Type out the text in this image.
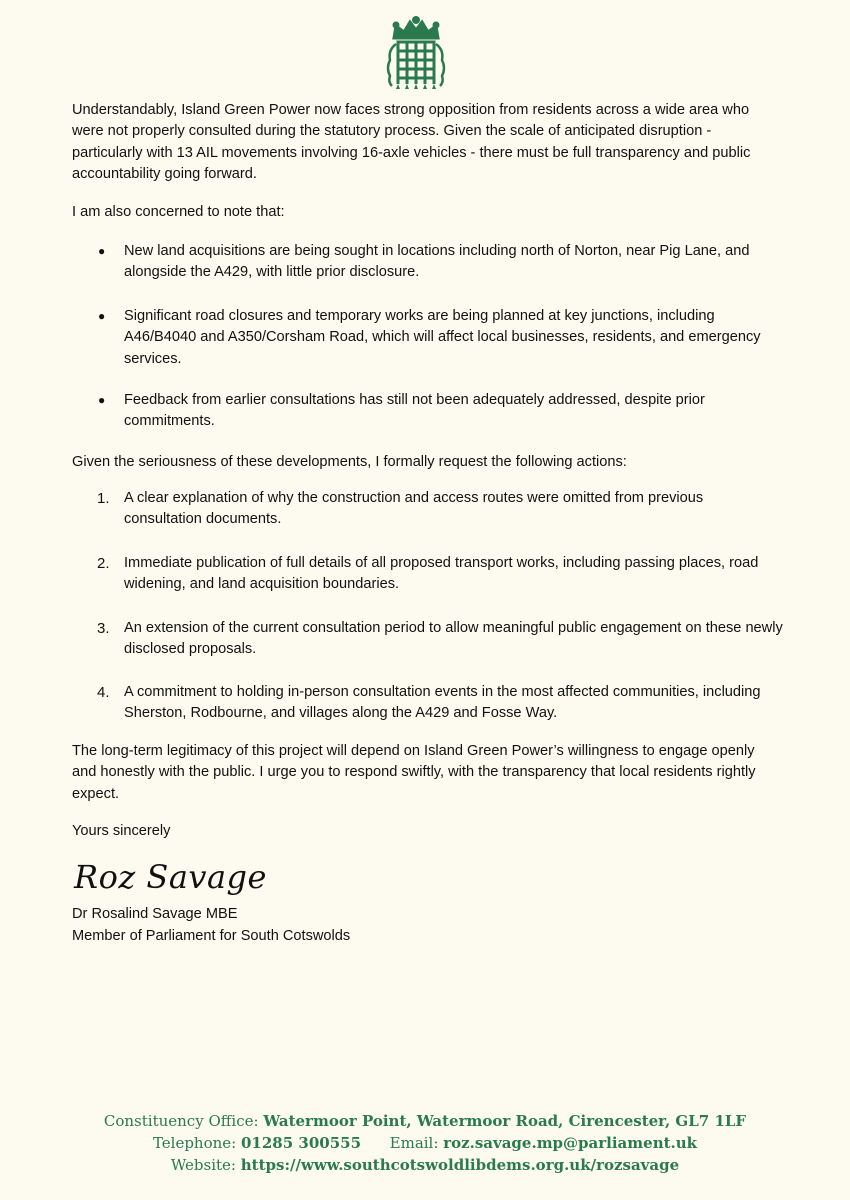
Understandably, Island Green Power now faces strong opposition from residents across a wide area who were not properly consulted during the statutory process. Given the scale of anticipated disruption - particularly with 13 AIL movements involving 16-axle vehicles - there must be full transparency and public accountability going forward.

I am also concerned to note that:

● New land acquisitions are being sought in locations including north of Norton, near Pig Lane, and alongside the A429, with little prior disclosure.
● Significant road closures and temporary works are being planned at key junctions, including A46/B4040 and A350/Corsham Road, which will affect local businesses, residents, and emergency services.
● Feedback from earlier consultations has still not been adequately addressed, despite prior commitments.

Given the seriousness of these developments, I formally request the following actions:

1. A clear explanation of why the construction and access routes were omitted from previous consultation documents.
2. Immediate publication of full details of all proposed transport works, including passing places, road widening, and land acquisition boundaries.
3. An extension of the current consultation period to allow meaningful public engagement on these newly disclosed proposals.
4. A commitment to holding in-person consultation events in the most affected communities, including Sherston, Rodbourne, and villages along the A429 and Fosse Way.

The long-term legitimacy of this project will depend on Island Green Power’s willingness to engage openly and honestly with the public. I urge you to respond swiftly, with the transparency that local residents rightly expect.

Yours sincerely

Dr Rosalind Savage MBE

Member of Parliament for South Cotswolds

Roz Savage
Constituency Office: Watermoor Point, Watermoor Road, Cirencester, GL7 1LF
Telephone: 01285 300555 Email: roz.savage.mp@parliament.uk
Website: https://www.southcotswoldlibdems.org.uk/rozsavage
